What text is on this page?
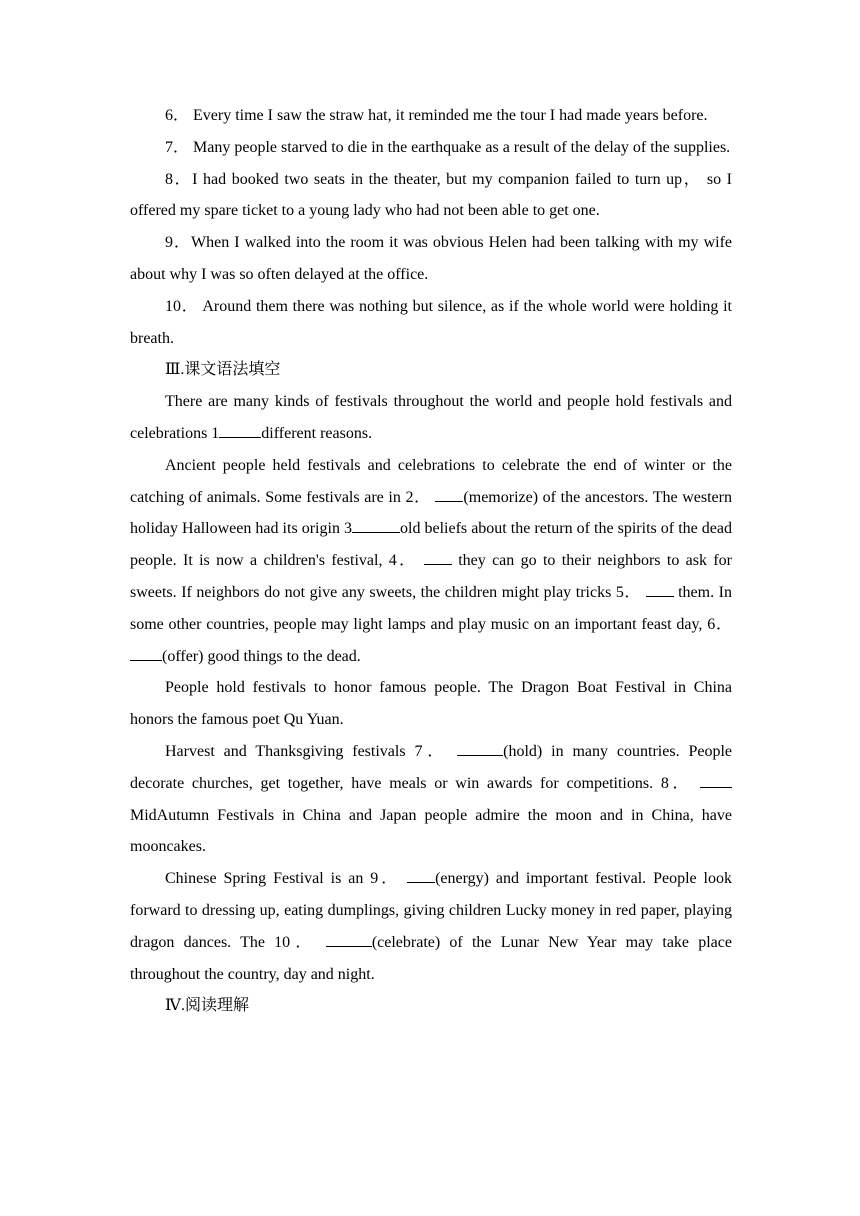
6． Every time I saw the straw hat, it reminded me the tour I had made years before.

7． Many people starved to die in the earthquake as a result of the delay of the supplies.

8．I had booked two seats in the theater, but my companion failed to turn up， so I offered my spare ticket to a young lady who had not been able to get one.

9．When I walked into the room it was obvious Helen had been talking with my wife about why I was so often delayed at the office.

10． Around them there was nothing but silence, as if the whole world were holding it breath.

Ⅲ.课文语法填空

There are many kinds of festivals throughout the world and people hold festivals and celebrations 1	different reasons.

Ancient people held festivals and celebrations to celebrate the end of winter or the catching of animals. Some festivals are in 2． (memorize) of the ancestors. The western holiday Halloween had its origin 3	old beliefs about the return of the spirits of the dead people. It is now a children's festival, 4．  they can go to their neighbors to ask for sweets. If neighbors do not give any sweets, the children might play tricks 5．  them. In some other countries, people may light lamps and play music on an important feast day, 6． (offer) good things to the dead.

People hold festivals to honor famous people. The Dragon Boat Festival in China honors the famous poet Qu Yuan.

Harvest and Thanksgiving festivals 7．	(hold) in many countries. People decorate churches, get together, have meals or win awards for competitions. 8．  MidAutumn Festivals in China and Japan people admire the moon and in China, have mooncakes.

Chinese Spring Festival is an 9． (energy) and important festival. People look forward to dressing up, eating dumplings, giving children Lucky money in red paper, playing dragon dances. The 10．	(celebrate) of the Lunar New Year may take place throughout the country, day and night.

Ⅳ.阅读理解
